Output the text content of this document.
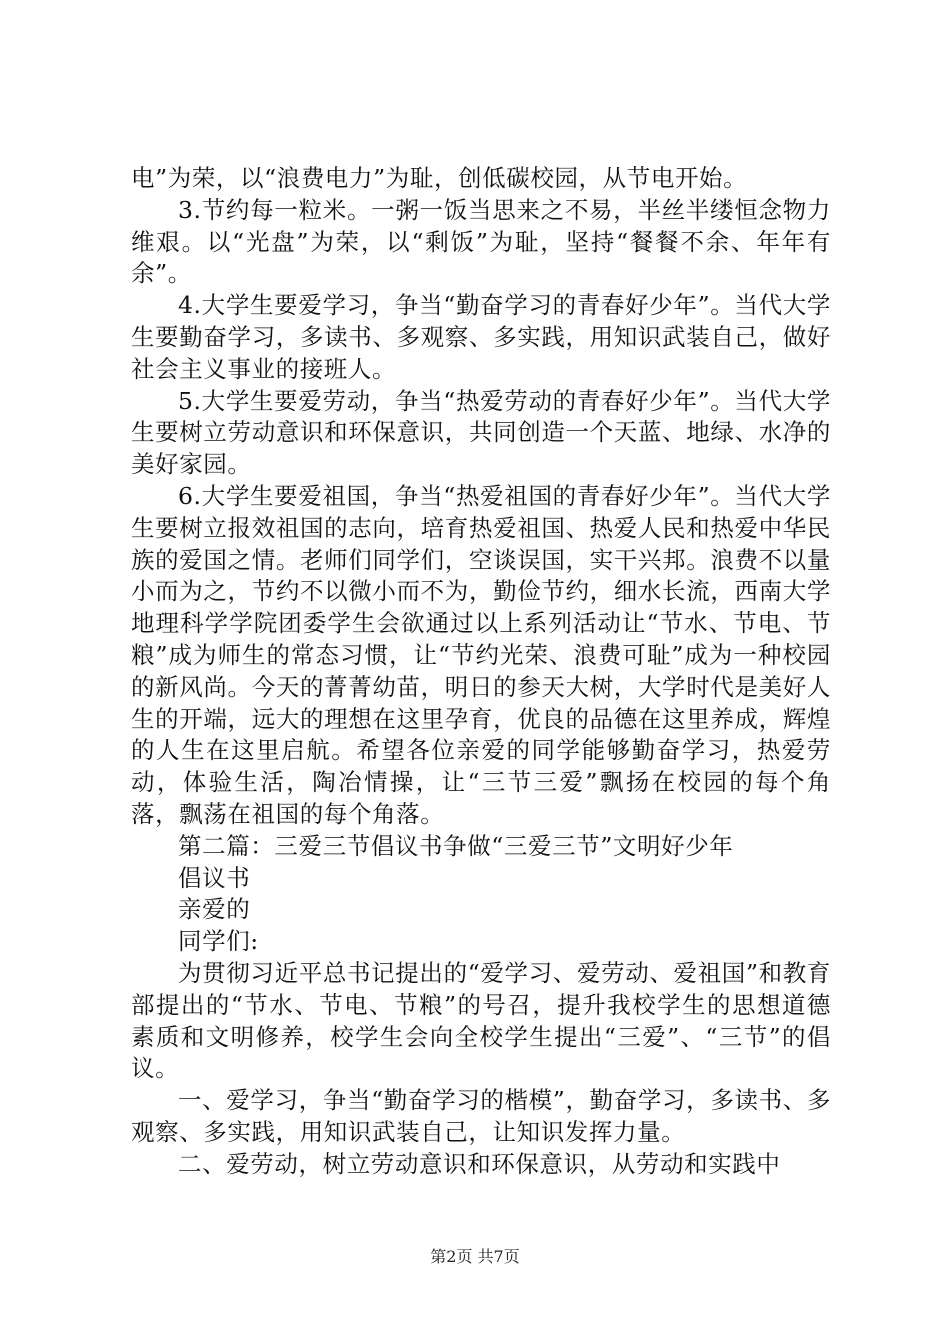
电”为荣，以“浪费电力”为耻，创低碳校园，从节电开始。

3.节约每一粒米。一粥一饭当思来之不易，半丝半缕恒念物力维艰。以“光盘”为荣，以“剩饭”为耻，坚持“餐餐不余、年年有余”。

4.大学生要爱学习，争当“勤奋学习的青春好少年”。当代大学生要勤奋学习，多读书、多观察、多实践，用知识武装自己，做好社会主义事业的接班人。

5.大学生要爱劳动，争当“热爱劳动的青春好少年”。当代大学生要树立劳动意识和环保意识，共同创造一个天蓝、地绿、水净的美好家园。

6.大学生要爱祖国，争当“热爱祖国的青春好少年”。当代大学生要树立报效祖国的志向，培育热爱祖国、热爱人民和热爱中华民族的爱国之情。老师们同学们，空谈误国，实干兴邦。浪费不以量小而为之，节约不以微小而不为，勤俭节约，细水长流，西南大学地理科学学院团委学生会欲通过以上系列活动让“节水、节电、节粮”成为师生的常态习惯，让“节约光荣、浪费可耻”成为一种校园的新风尚。今天的菁菁幼苗，明日的参天大树，大学时代是美好人生的开端，远大的理想在这里孕育，优良的品德在这里养成，辉煌的人生在这里启航。希望各位亲爱的同学能够勤奋学习，热爱劳动，体验生活，陶冶情操，让“三节三爱”飘扬在校园的每个角落，飘荡在祖国的每个角落。

第二篇：三爱三节倡议书争做“三爱三节”文明好少年

倡议书

亲爱的

同学们:

为贯彻习近平总书记提出的“爱学习、爱劳动、爱祖国”和教育部提出的“节水、节电、节粮”的号召，提升我校学生的思想道德素质和文明修养，校学生会向全校学生提出“三爱”、“三节”的倡议。

一、爱学习，争当“勤奋学习的楷模”，勤奋学习，多读书、多观察、多实践，用知识武装自己，让知识发挥力量。

二、爱劳动，树立劳动意识和环保意识，从劳动和实践中

第2页 共7页
